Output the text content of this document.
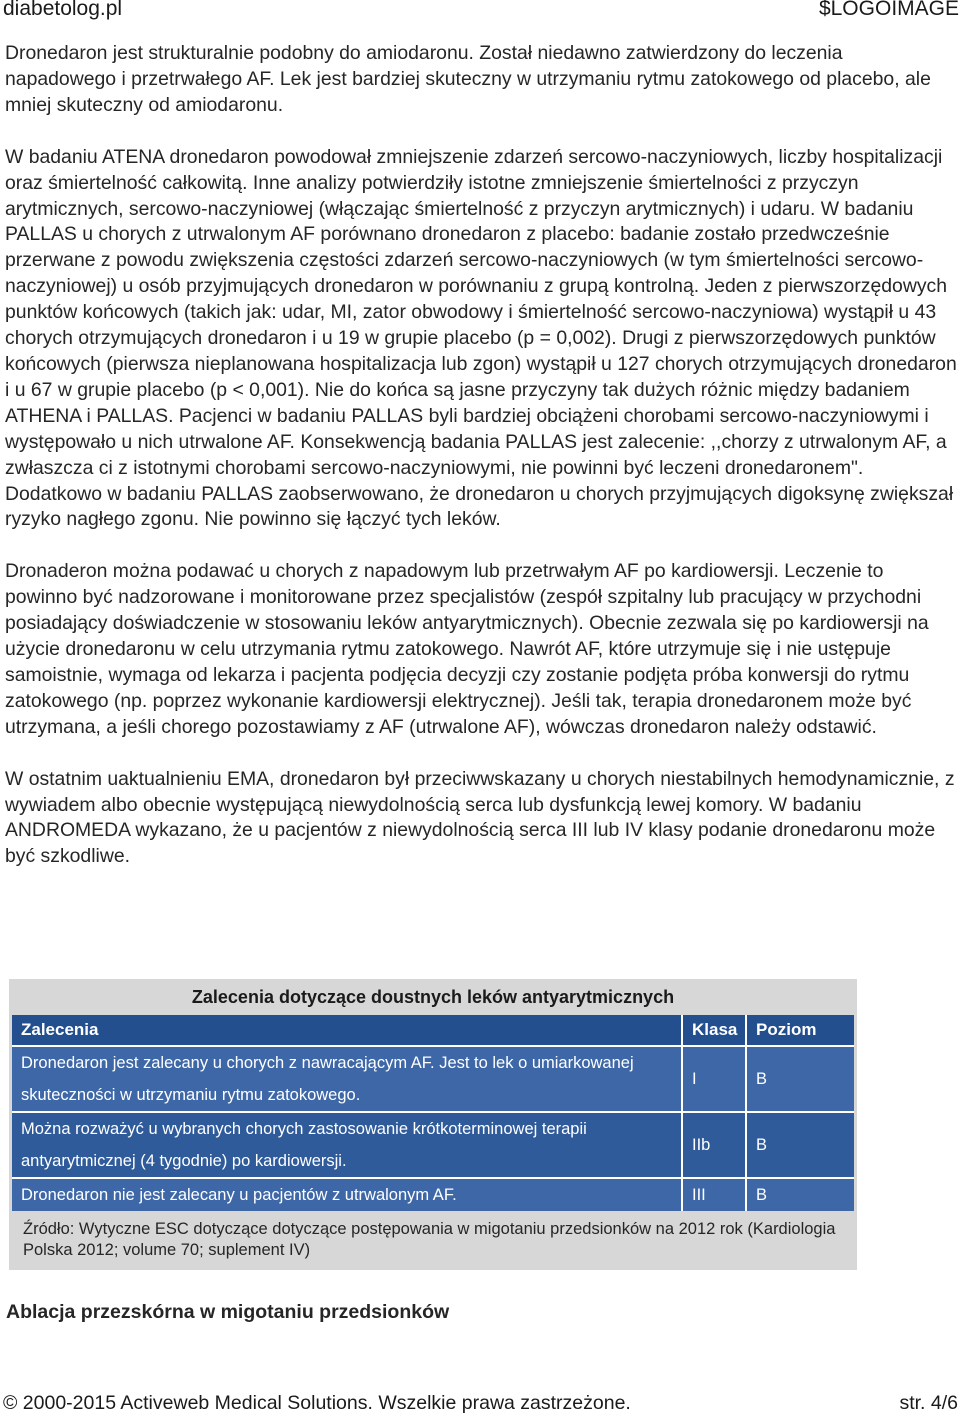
diabetolog.pl	$LOGOIMAGE

Dronedaron jest strukturalnie podobny do amiodaronu. Został niedawno zatwierdzony do leczenia napadowego i przetrwałego AF. Lek jest bardziej skuteczny w utrzymaniu rytmu zatokowego od placebo, ale mniej skuteczny od amiodaronu.

W badaniu ATENA dronedaron powodował zmniejszenie zdarzeń sercowo-naczyniowych, liczby hospitalizacji oraz śmiertelność całkowitą. Inne analizy potwierdziły istotne zmniejszenie śmiertelności z przyczyn arytmicznych, sercowo-naczyniowej (włączając śmiertelność z przyczyn arytmicznych) i udaru. W badaniu PALLAS u chorych z utrwalonym AF porównano dronedaron z placebo: badanie zostało przedwcześnie przerwane z powodu zwiększenia częstości zdarzeń sercowo-naczyniowych (w tym śmiertelności sercowo-naczyniowej) u osób przyjmujących dronedaron w porównaniu z grupą kontrolną. Jeden z pierwszorzędowych punktów końcowych (takich jak: udar, MI, zator obwodowy i śmiertelność sercowo-naczyniowa) wystąpił u 43 chorych otrzymujących dronedaron i u 19 w grupie placebo (p = 0,002). Drugi z pierwszorzędowych punktów końcowych (pierwsza nieplanowana hospitalizacja lub zgon) wystąpił u 127 chorych otrzymujących dronedaron i u 67 w grupie placebo (p < 0,001). Nie do końca są jasne przyczyny tak dużych różnic między badaniem ATHENA i PALLAS. Pacjenci w badaniu PALLAS byli bardziej obciążeni chorobami sercowo-naczyniowymi i występowało u nich utrwalone AF. Konsekwencją badania PALLAS jest zalecenie: ,,chorzy z utrwalonym AF, a zwłaszcza ci z istotnymi chorobami sercowo-naczyniowymi, nie powinni być leczeni dronedaronem". Dodatkowo w badaniu PALLAS zaobserwowano, że dronedaron u chorych przyjmujących digoksynę zwiększał ryzyko nagłego zgonu. Nie powinno się łączyć tych leków.

Dronaderon można podawać u chorych z napadowym lub przetrwałym AF po kardiowersji. Leczenie to powinno być nadzorowane i monitorowane przez specjalistów (zespół szpitalny lub pracujący w przychodni posiadający doświadczenie w stosowaniu leków antyarytmicznych). Obecnie zezwala się po kardiowersji na użycie dronedaronu w celu utrzymania rytmu zatokowego. Nawrót AF, które utrzymuje się i nie ustępuje samoistnie, wymaga od lekarza i pacjenta podjęcia decyzji czy zostanie podjęta próba konwersji do rytmu zatokowego (np. poprzez wykonanie kardiowersji elektrycznej). Jeśli tak, terapia dronedaronem może być utrzymana, a jeśli chorego pozostawiamy z AF (utrwalone AF), wówczas dronedaron należy odstawić.

W ostatnim uaktualnieniu EMA, dronedaron był przeciwwskazany u chorych niestabilnych hemodynamicznie, z wywiadem albo obecnie występującą niewydolnością serca lub dysfunkcją lewej komory. W badaniu ANDROMEDA wykazano, że u pacjentów z niewydolnością serca III lub IV klasy podanie dronedaronu może być szkodliwe.

Zalecenia dotyczące doustnych leków antyarytmicznych
Zalecenia	Klasa	Poziom
Dronedaron jest zalecany u chorych z nawracającym AF. Jest to lek o umiarkowanej skuteczności w utrzymaniu rytmu zatokowego.	I	B
Można rozważyć u wybranych chorych zastosowanie krótkoterminowej terapii antyarytmicznej (4 tygodnie) po kardiowersji.	IIb	B
Dronedaron nie jest zalecany u pacjentów z utrwalonym AF.	III	B
Źródło: Wytyczne ESC dotyczące dotyczące postępowania w migotaniu przedsionków na 2012 rok (Kardiologia Polska 2012; volume 70; suplement IV)
Ablacja przezskórna w migotaniu przedsionków
© 2000-2015 Activeweb Medical Solutions. Wszelkie prawa zastrzeżone.	str. 4/6
